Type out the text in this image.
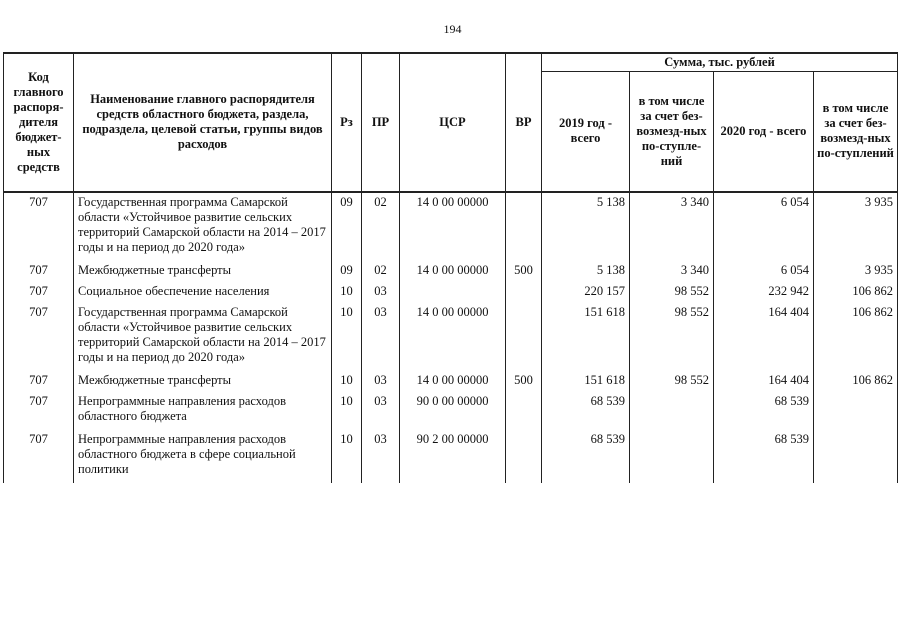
194
Код главного распоря-дителя бюджет-ных средств	Наименование главного распорядителя средств областного бюджета, раздела, подраздела, целевой статьи, группы видов расходов	Рз	ПР	ЦСР	ВР	Сумма, тыс. рублей			
						2019 год - всего	в том числе за счет без-возмезд-ных по-ступле-ний	2020 год - всего	в том числе за счет без-возмезд-ных по-ступлений
707	Государственная программа Самарской области «Устойчивое развитие сельских территорий Самарской области на 2014 – 2017 годы и на период до 2020 года»	09	02	14 0 00 00000		5 138	3 340	6 054	3 935
707	Межбюджетные трансферты	09	02	14 0 00 00000	500	5 138	3 340	6 054	3 935
707	Социальное обеспечение населения	10	03			220 157	98 552	232 942	106 862
707	Государственная программа Самарской области «Устойчивое развитие сельских территорий Самарской области на 2014 – 2017 годы и на период до 2020 года»	10	03	14 0 00 00000		151 618	98 552	164 404	106 862
707	Межбюджетные трансферты	10	03	14 0 00 00000	500	151 618	98 552	164 404	106 862
707	Непрограммные направления расходов областного бюджета	10	03	90 0 00 00000		68 539		68 539	
707	Непрограммные направления расходов областного бюджета в сфере социальной политики	10	03	90 2 00 00000		68 539		68 539	
